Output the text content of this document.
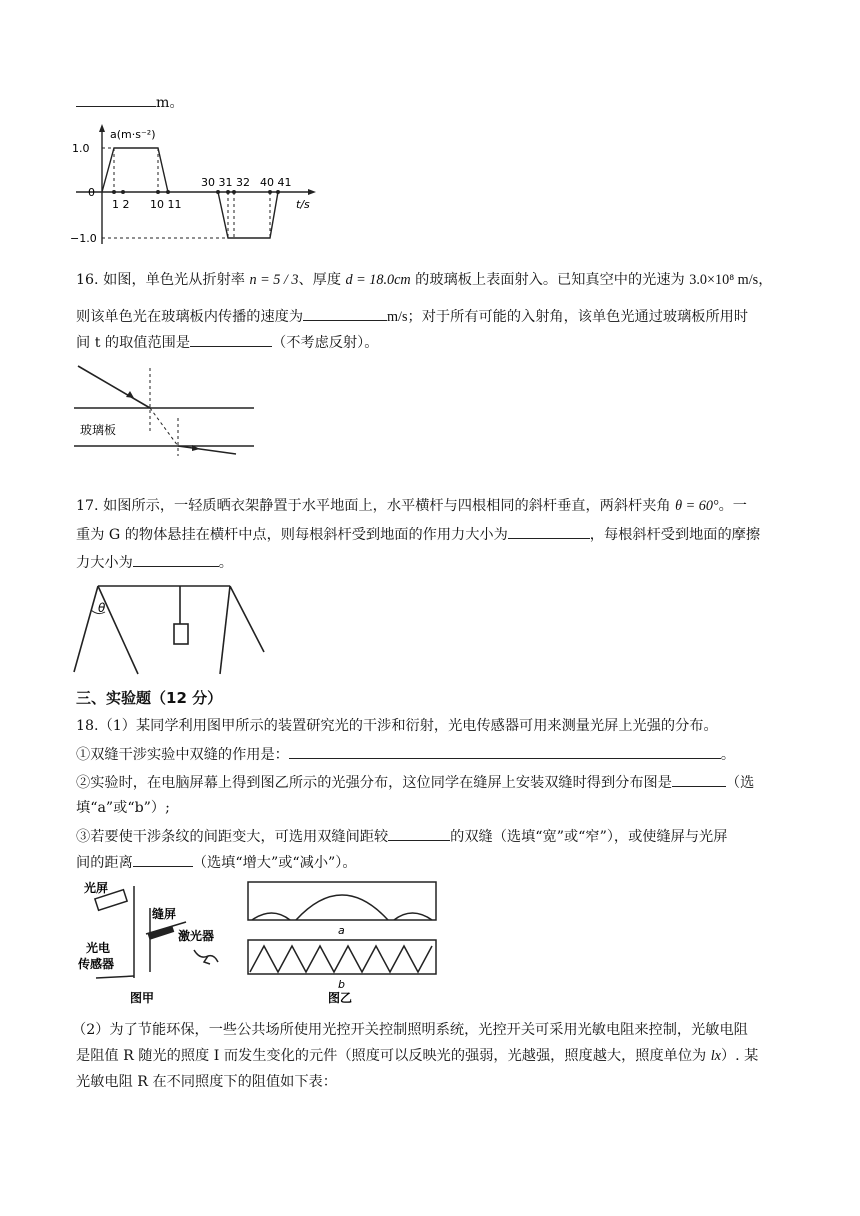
m。
a(m·s⁻²)
t/s
1.0
0
−1.0
1 2 10 11
30 31 32 40 41
16. 如图，单色光从折射率 n = 5 / 3、厚度 d = 18.0cm 的玻璃板上表面射入。已知真空中的光速为 3.0×10⁸ m/s，
则该单色光在玻璃板内传播的速度为	m/s；对于所有可能的入射角，该单色光通过玻璃板所用时
间 t 的取值范围是	（不考虑反射）。
玻璃板
17. 如图所示，一轻质晒衣架静置于水平地面上，水平横杆与四根相同的斜杆垂直，两斜杆夹角 θ = 60°。一
重为 G 的物体悬挂在横杆中点，则每根斜杆受到地面的作用力大小为	，每根斜杆受到地面的摩擦
力大小为	。
θ
三、实验题（12 分）
18.（1）某同学利用图甲所示的装置研究光的干涉和衍射，光电传感器可用来测量光屏上光强的分布。
①双缝干涉实验中双缝的作用是：	。
②实验时，在电脑屏幕上得到图乙所示的光强分布，这位同学在缝屏上安装双缝时得到分布图是	（选
填“a”或“b”）;
③若要使干涉条纹的间距变大，可选用双缝间距较	的双缝（选填“宽”或“窄”），或使缝屏与光屏
间的距离	（选填“增大”或“减小”）。
光屏
缝屏
激光器
光电
传感器
图甲
a
b
图乙
（2）为了节能环保，一些公共场所使用光控开关控制照明系统，光控开关可采用光敏电阻来控制，光敏电阻
是阻值 R 随光的照度 I 而发生变化的元件（照度可以反映光的强弱，光越强，照度越大，照度单位为 lx）. 某
光敏电阻 R 在不同照度下的阻值如下表：
